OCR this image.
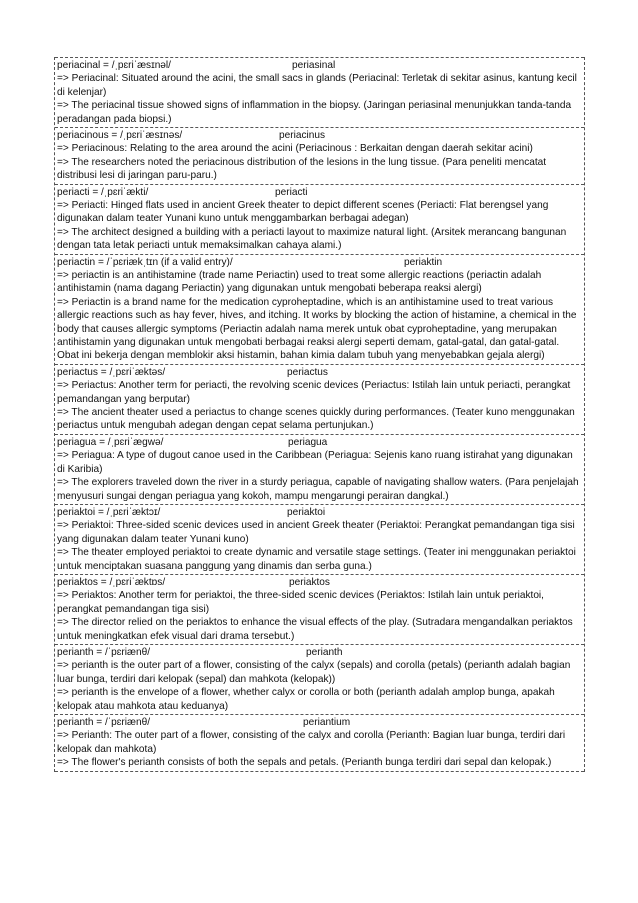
periacinal = /ˌpɛriˈæsɪnəl/	periasinal
=> Periacinal: Situated around the acini, the small sacs in glands (Periacinal: Terletak di sekitar asinus, kantung kecil di kelenjar)
=> The periacinal tissue showed signs of inflammation in the biopsy. (Jaringan periasinal menunjukkan tanda-tanda peradangan pada biopsi.)
periacinous = /ˌpɛriˈæsɪnəs/	periacinus
=> Periacinous: Relating to the area around the acini (Periacinous : Berkaitan dengan daerah sekitar acini)
=> The researchers noted the periacinous distribution of the lesions in the lung tissue. (Para peneliti mencatat distribusi lesi di jaringan paru-paru.)
periacti = /ˌpɛriˈækti/	periacti
=> Periacti: Hinged flats used in ancient Greek theater to depict different scenes (Periacti: Flat berengsel yang digunakan dalam teater Yunani kuno untuk menggambarkan berbagai adegan)
=> The architect designed a building with a periacti layout to maximize natural light. (Arsitek merancang bangunan dengan tata letak periacti untuk memaksimalkan cahaya alami.)
periactin = /ˈpɛriækˌtɪn (if a valid entry)/	periaktin
=> periactin is an antihistamine (trade name Periactin) used to treat some allergic reactions (periactin adalah antihistamin (nama dagang Periactin) yang digunakan untuk mengobati beberapa reaksi alergi)
=> Periactin is a brand name for the medication cyproheptadine, which is an antihistamine used to treat various allergic reactions such as hay fever, hives, and itching. It works by blocking the action of histamine, a chemical in the body that causes allergic symptoms (Periactin adalah nama merek untuk obat cyproheptadine, yang merupakan antihistamin yang digunakan untuk mengobati berbagai reaksi alergi seperti demam, gatal-gatal, dan gatal-gatal. Obat ini bekerja dengan memblokir aksi histamin, bahan kimia dalam tubuh yang menyebabkan gejala alergi)
periactus = /ˌpɛriˈæktəs/	periactus
=> Periactus: Another term for periacti, the revolving scenic devices (Periactus: Istilah lain untuk periacti, perangkat pemandangan yang berputar)
=> The ancient theater used a periactus to change scenes quickly during performances. (Teater kuno menggunakan periactus untuk mengubah adegan dengan cepat selama pertunjukan.)
periagua = /ˌpɛriˈægwə/	periagua
=> Periagua: A type of dugout canoe used in the Caribbean (Periagua: Sejenis kano ruang istirahat yang digunakan di Karibia)
=> The explorers traveled down the river in a sturdy periagua, capable of navigating shallow waters. (Para penjelajah menyusuri sungai dengan periagua yang kokoh, mampu mengarungi perairan dangkal.)
periaktoi = /ˌpɛriˈæktɔɪ/	periaktoi
=> Periaktoi: Three-sided scenic devices used in ancient Greek theater (Periaktoi: Perangkat pemandangan tiga sisi yang digunakan dalam teater Yunani kuno)
=> The theater employed periaktoi to create dynamic and versatile stage settings. (Teater ini menggunakan periaktoi untuk menciptakan suasana panggung yang dinamis dan serba guna.)
periaktos = /ˌpɛriˈæktɒs/	periaktos
=> Periaktos: Another term for periaktoi, the three-sided scenic devices (Periaktos: Istilah lain untuk periaktoi, perangkat pemandangan tiga sisi)
=> The director relied on the periaktos to enhance the visual effects of the play. (Sutradara mengandalkan periaktos untuk meningkatkan efek visual dari drama tersebut.)
perianth = /ˈpɛriænθ/	perianth
=> perianth is the outer part of a flower, consisting of the calyx (sepals) and corolla (petals) (perianth adalah bagian luar bunga, terdiri dari kelopak (sepal) dan mahkota (kelopak))
=> perianth is the envelope of a flower, whether calyx or corolla or both (perianth adalah amplop bunga, apakah kelopak atau mahkota atau keduanya)
perianth = /ˈpɛriænθ/	periantium
=> Perianth: The outer part of a flower, consisting of the calyx and corolla (Perianth: Bagian luar bunga, terdiri dari kelopak dan mahkota)
=> The flower's perianth consists of both the sepals and petals. (Perianth bunga terdiri dari sepal dan kelopak.)
